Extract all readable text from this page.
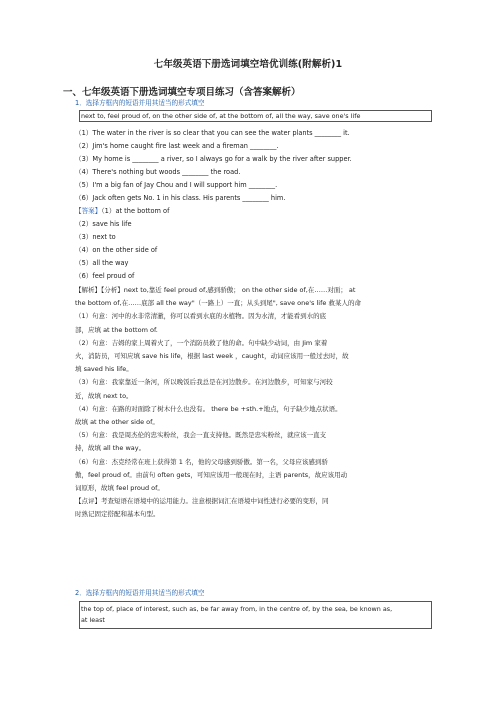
七年级英语下册选词填空培优训练(附解析)1
一、七年级英语下册选词填空专项目练习（含答案解析）
1．选择方框内的短语并用其适当的形式填空
next to, feel proud of, on the other side of, at the bottom of, all the way, save one's life
（1）The water in the river is so clear that you can see the water plants ________ it.
（2）Jim's home caught fire last week and a fireman ________.
（3）My home is ________ a river, so I always go for a walk by the river after supper.
（4）There's nothing but woods ________ the road.
（5）I'm a big fan of Jay Chou and I will support him ________.
（6）Jack often gets No. 1 in his class. His parents ________ him.
【答案】（1）at the bottom of
（2）save his life
（3）next to
（4）on the other side of
（5）all the way
（6）feel proud of
【解析】【分析】next to,靠近 feel proud of,感到骄傲； on the other side of,在……对面； at
the bottom of,在……底部 all the way"（一路上）一直；从头到尾", save one's life 救某人的命
（1）句意：河中的水非常清澈，你可以看到水底的水植物。因为水清，才能看到水的底
部，应填 at the bottom of.
（2）句意：吉姆的家上周着火了，一个消防员救了他的命。句中缺少动词，由 Jim 家着
火，消防员，可知应填 save his life，根据 last week ，caught，动词应该用一般过去时，故
填 saved his life。
（3）句意：我家靠近一条河，所以晚饭后我总是在河边散步。在河边散步，可知家与河较
近，故填 next to。
（4）句意：在路的对面除了树木什么也没有。 there be +sth.+地点，句子缺少地点状语。
故填 at the other side of。
（5）句意：我是周杰伦的忠实粉丝，我会一直支持他。既然是忠实粉丝，就应该一直支
持，故填 all the way。
（6）句意：杰克经常在班上获得第 1 名，他的父母感到骄傲。第一名，父母应该感到骄
傲，feel proud of。由前句 often gets，可知应该用一般现在时，主语 parents，故应该用动
词原形，故填 feel proud of。
【点评】考查短语在语境中的运用能力。注意根据词汇在语境中词性进行必要的变形，同
时熟记固定搭配和基本句型。
2．选择方框内的短语并用其适当的形式填空
the top of, place of interest, such as, be far away from, in the centre of, by the sea, be known as,
at least
